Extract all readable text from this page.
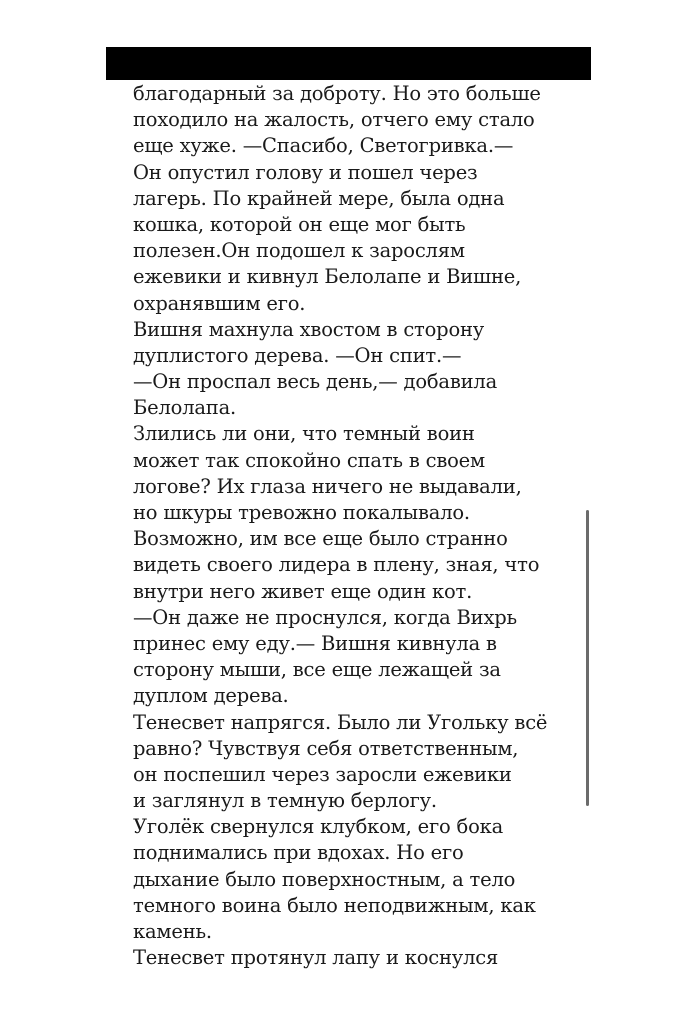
благодарный за доброту. Но это больше
походило на жалость, отчего ему стало
еще хуже. —Спасибо, Светогривка.—
Он опустил голову и пошел через
лагерь. По крайней мере, была одна
кошка, которой он еще мог быть
полезен.Он подошел к зарослям
ежевики и кивнул Белолапе и Вишне,
охранявшим его.
Вишня махнула хвостом в сторону
дуплистого дерева. —Он спит.—
—Он проспал весь день,— добавила
Белолапа.
Злились ли они, что темный воин
может так спокойно спать в своем
логове? Их глаза ничего не выдавали,
но шкуры тревожно покалывало.
Возможно, им все еще было странно
видеть своего лидера в плену, зная, что
внутри него живет еще один кот.
—Он даже не проснулся, когда Вихрь
принес ему еду.— Вишня кивнула в
сторону мыши, все еще лежащей за
дуплом дерева.
Тенесвет напрягся. Было ли Угольку всё
равно? Чувствуя себя ответственным,
он поспешил через заросли ежевики
и заглянул в темную берлогу.
Уголёк свернулся клубком, его бока
поднимались при вдохах. Но его
дыхание было поверхностным, а тело
темного воина было неподвижным, как
камень.
Тенесвет протянул лапу и коснулся
